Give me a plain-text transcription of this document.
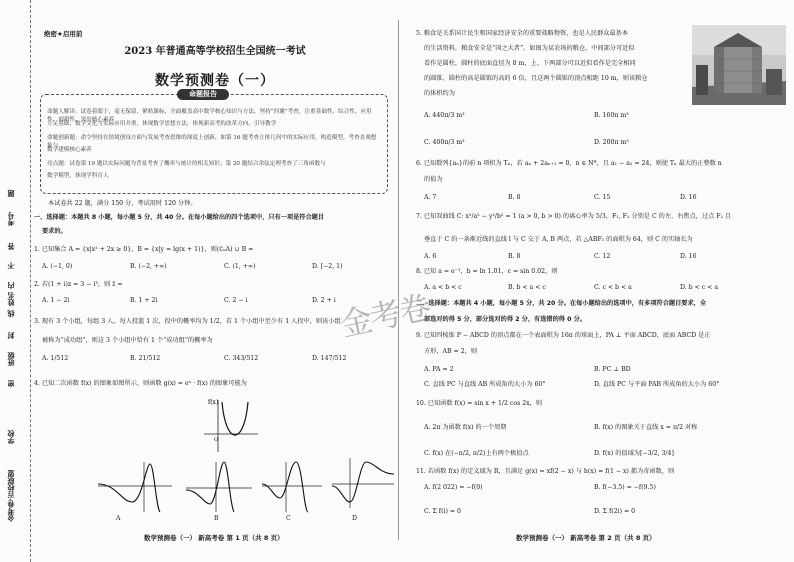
题
考号
答
不
内
姓名
线
封
班级
密
学校
金考卷·百校联盟
绝密★启用前
2023 年普通高等学校招生全国统一考试
数学预测卷（一）
命题报告
命题人解读：试卷着眼于，毫无保留，紧贴课标，全面覆盖高中数学核心知识与方法，坚持“四翼”考查，注重基础性、综合性、应用性、创新性，突出核心素养
立足基础，数学文化与实际应用并重，体现数学思想方法，体现新高考的改革方向，引导教学
命题创新题：命令坚持在情境创设方面与发展考查思维的深度上创新，如第 16 题考查立体几何中的实际应用，构造模型，考查直观想象与
数学建模核心素养
亮点题：试卷第 19 题以实际问题为背景考查了概率与统计的相关知识；第 20 题结合余弦定理考查了三角函数与
数学模型，体现学科育人
本试卷共 22 题，满分 150 分，考试用时 120 分钟。
一、选择题：本题共 8 小题，每小题 5 分，共 40 分。在每小题给出的四个选项中，只有一项是符合题目
要求的。
1. 已知集合 A = {x|x² + 2x ≥ 0}，B = {x|y = lg(x + 1)}，则(∁ᵤA) ∪ B =
A. (−1, 0)	B. (−2, +∞)	C. (1, +∞)	D. [−2, 1)
2. 若(1 + i)z = 3 − i³，则 z̄ =
A. 1 − 2i	B. 1 + 2i	C. 2 − i	D. 2 + i
3. 现有 3 个小组，每组 3 人，每人投篮 1 次，投中的概率均为 1/2，若 1 个小组中至少有 1 人投中，则该小组
被称为“成功组”，则这 3 个小组中恰有 1 个“成功组”的概率为
A. 1/512	B. 21/512	C. 343/512	D. 147/512
4. 已知二次函数 f(x) 的图象如图所示，则函数 g(x) = eˣ · f(x) 的图象可能为
f(x)
O
A	B	C	D
数学预测卷（一） 新高考卷 第 1 页（共 8 页）
5. 粮食是关系国计民生和国家经济安全的重要战略物资，也是人民群众最基本
的生活资料，粮食安全是“国之大者”。如图为某农场的粮仓，中间部分可近似
看作是圆柱，圆柱的底面直径为 8 m，上、下两部分可以近似看作是完全相同
的圆锥，圆柱的高是圆锥的高的 6 倍，且这两个圆锥的顶点相距 10 m，则该粮仓
的体积约为
A. 440π/3 m³	B. 160π m³
C. 400π/3 m³	D. 200π m³
6. 已知数列{aₙ}的前 n 项积为 Tₙ，若 aₙ + 2aₙ₊₁ = 0，n ∈ N*，且 a₁ − a₂ = 24，则使 Tₙ 最大的正整数 n
的值为
A. 7	B. 8	C. 15	D. 16
7. 已知双曲线 C: x²/a² − y²/b² = 1 (a > 0, b > 0) 的离心率为 5/3，F₁, F₂ 分别是 C 的左、右焦点，过点 F₂ 且
垂直于 C 的一条渐近线的直线 l 与 C 交于 A, B 两点，若 △ABF₁ 的面积为 64，则 C 的实轴长为
A. 6	B. 8	C. 12	D. 16
8. 已知 a = e⁻¹，b = ln 1.01，c = sin 0.02，则
A. a < b < c	B. b < a < c	C. c < b < a	D. b < c < a
二、选择题：本题共 4 小题，每小题 5 分，共 20 分。在每小题给出的选项中，有多项符合题目要求，全
部选对的得 5 分，部分选对的得 2 分，有选错的得 0 分。
9. 已知四棱锥 P − ABCD 的顶点都在一个表面积为 16π 的球面上，PA ⊥ 平面 ABCD，底面 ABCD 是正
方形，AB = 2，则
A. PA = 2	B. PC ⊥ BD
C. 直线 PC 与直线 AB 所成角的大小为 60°	D. 直线 PC 与平面 PAB 所成角的大小为 60°
10. 已知函数 f(x) = sin x + 1/2 cos 2x，则
A. 2π 为函数 f(x) 的一个周期	B. f(x) 的图象关于直线 x = π/2 对称
C. f(x) 在(−π/2, π/2)上有两个极值点	D. f(x) 的值域为[−3/2, 3/4]
11. 若函数 f(x) 的定义域为 R，且满足 g(x) = xf(2 − x) 与 h(x) = f(1 − x) 都为奇函数，则
A. f(2 022) = −f(0)	B. f(−3.5) = −f(9.5)
C. Σ f(i) = 0	D. Σ f(2i) = 0
数学预测卷（一） 新高考卷 第 2 页（共 8 页）
金考卷
